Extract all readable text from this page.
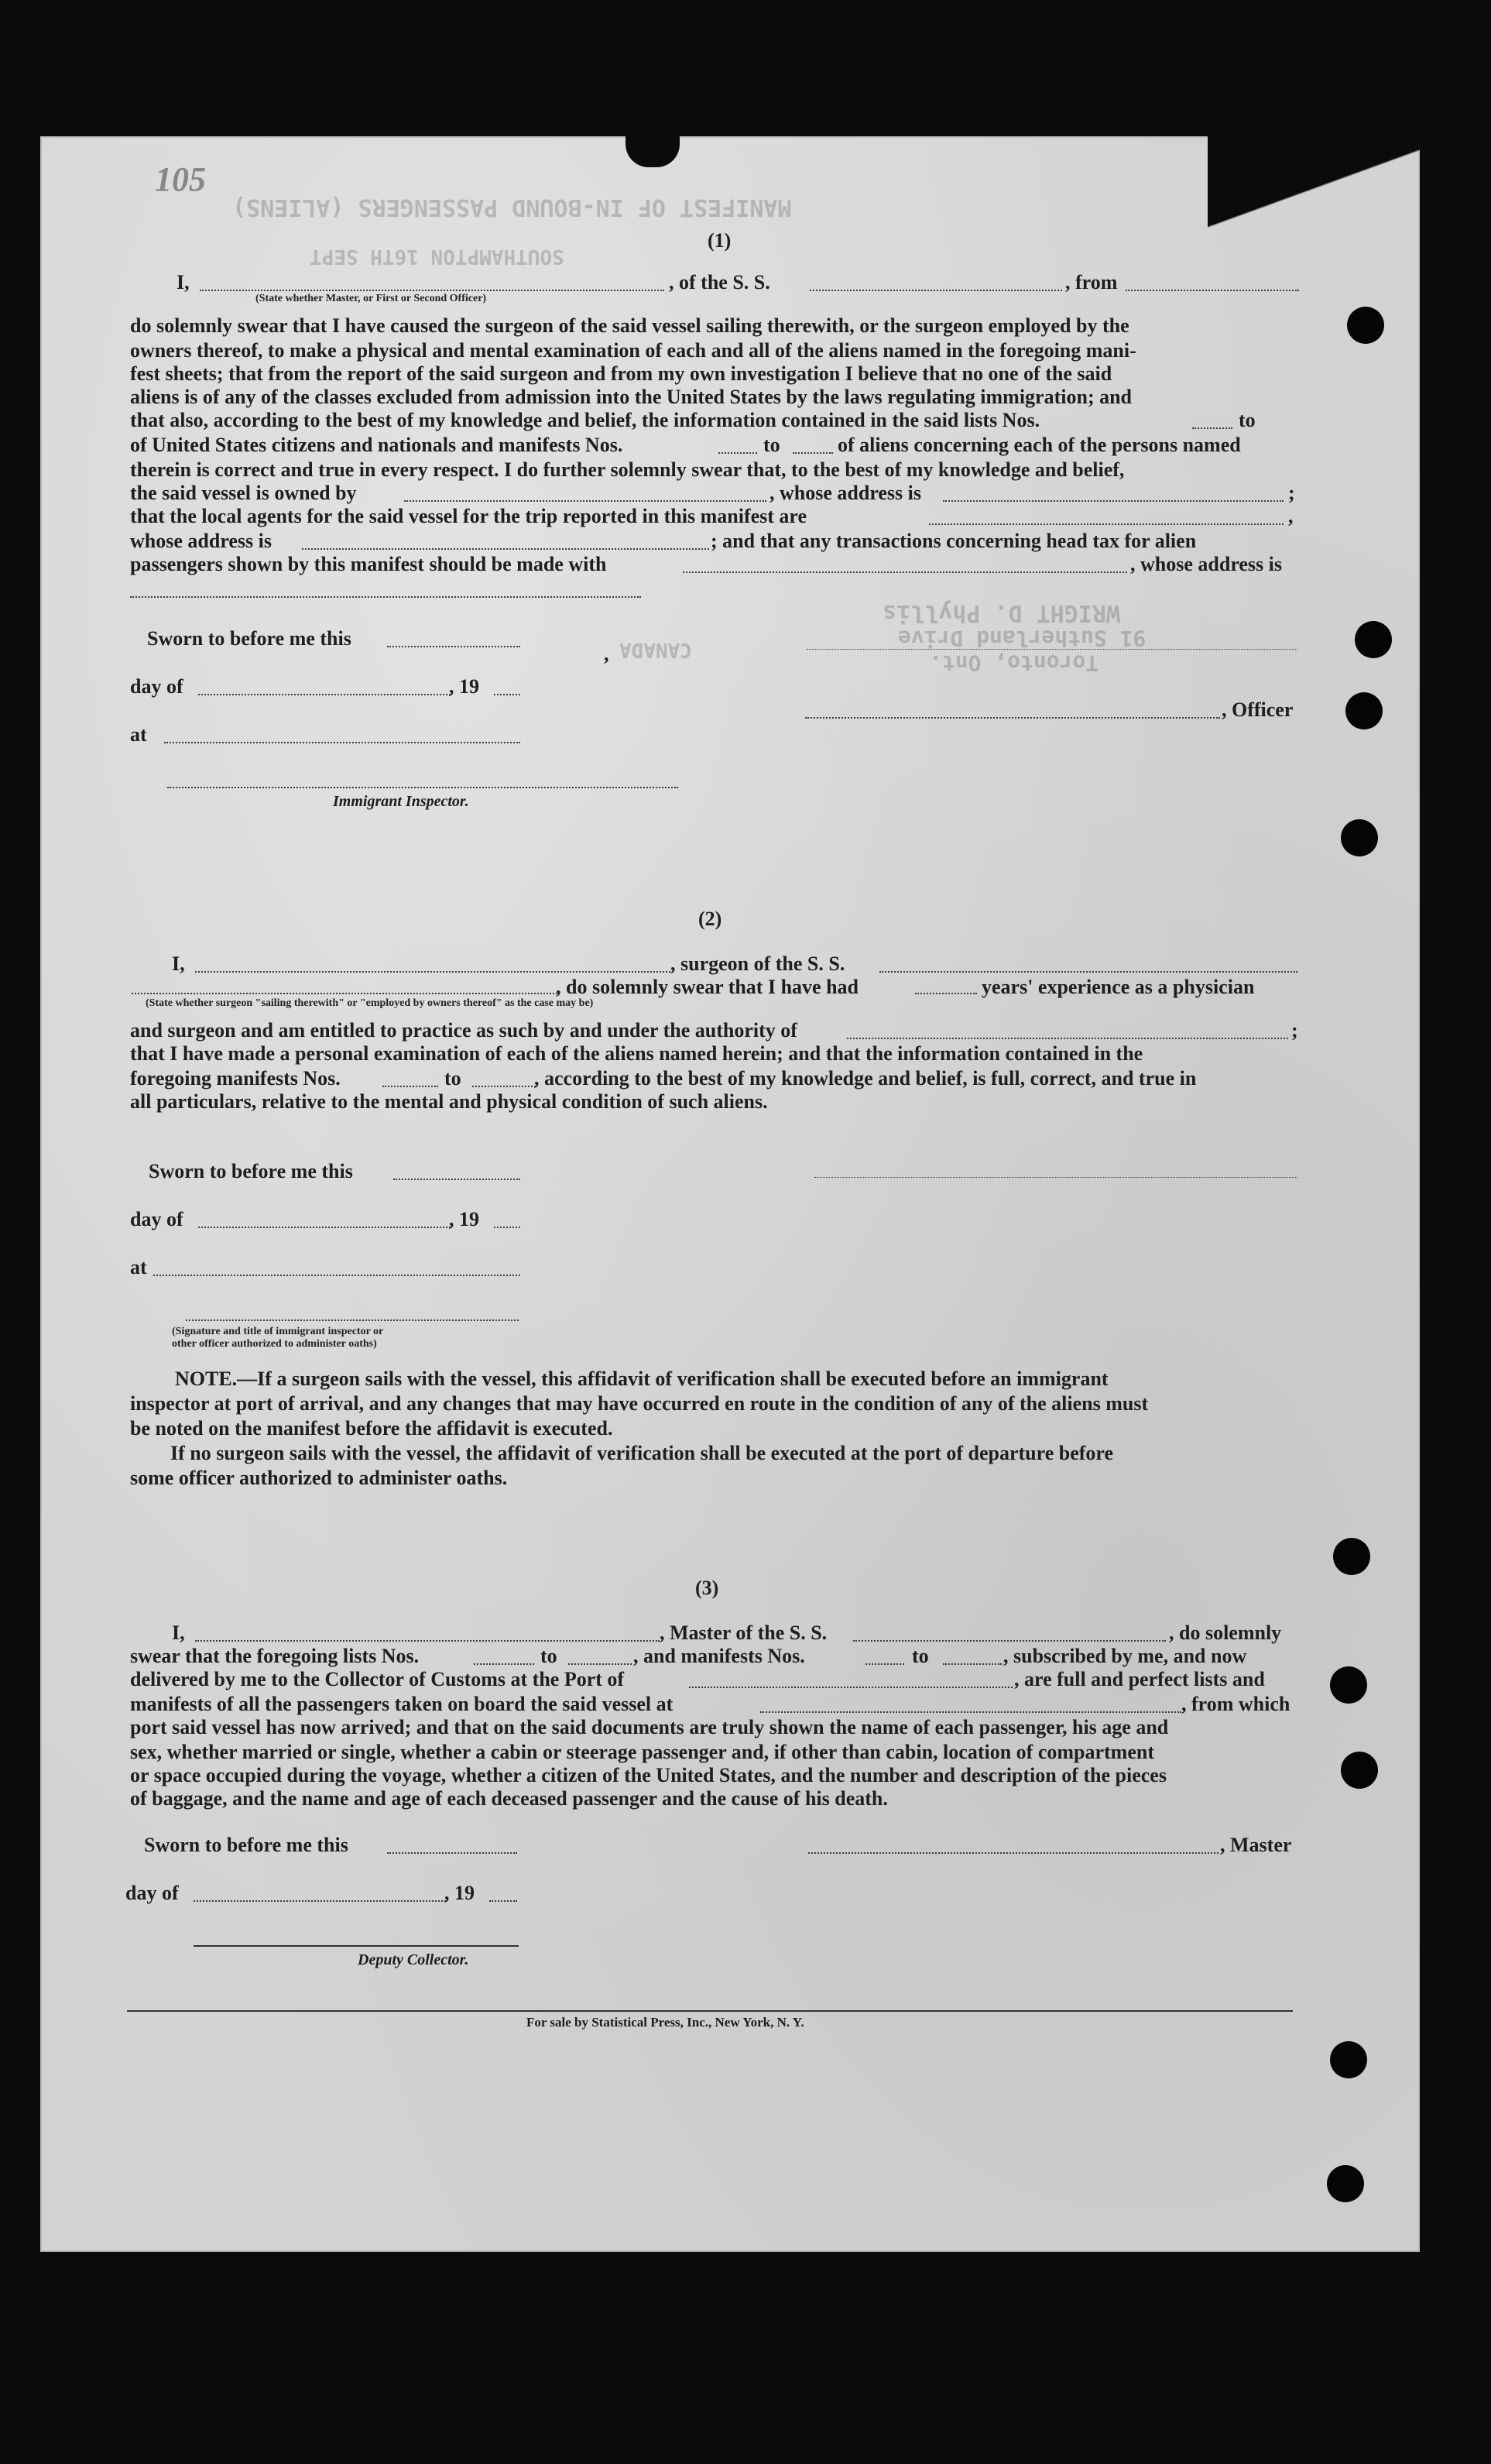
MANIFEST OF IN-BOUND PASSENGERS (ALIENS)
SOUTHAMPTON 16TH SEPT
WRIGHT D. Phyllis
91 Sutherland Drive
Toronto, Ont.
CANADA
105
(1)
I,
(State whether Master, or First or Second Officer)
, of the S. S.	, from
do solemnly swear that I have caused the surgeon of the said vessel sailing therewith, or the surgeon employed by the
owners thereof, to make a physical and mental examination of each and all of the aliens named in the foregoing mani-
fest sheets; that from the report of the said surgeon and from my own investigation I believe that no one of the said
aliens is of any of the classes excluded from admission into the United States by the laws regulating immigration; and
that also, according to the best of my knowledge and belief, the information contained in the said lists Nos.	to
of United States citizens and nationals and manifests Nos.	to	of aliens concerning each of the persons named
therein is correct and true in every respect. I do further solemnly swear that, to the best of my knowledge and belief,
the said vessel is owned by	, whose address is	;
that the local agents for the said vessel for the trip reported in this manifest are	,
whose address is	; and that any transactions concerning head tax for alien
passengers shown by this manifest should be made with	, whose address is
Sworn to before me this
,
day of	, 19
, Officer
at
Immigrant Inspector.
(2)
I,	, surgeon of the S. S.
, do solemnly swear that I have had	years' experience as a physician
(State whether surgeon "sailing therewith" or "employed by owners thereof" as the case may be)
and surgeon and am entitled to practice as such by and under the authority of	;
that I have made a personal examination of each of the aliens named herein; and that the information contained in the
foregoing manifests Nos.	to	, according to the best of my knowledge and belief, is full, correct, and true in
all particulars, relative to the mental and physical condition of such aliens.
Sworn to before me this
day of	, 19
at
(Signature and title of immigrant inspector or
other officer authorized to administer oaths)
NOTE.—If a surgeon sails with the vessel, this affidavit of verification shall be executed before an immigrant
inspector at port of arrival, and any changes that may have occurred en route in the condition of any of the aliens must
be noted on the manifest before the affidavit is executed.
If no surgeon sails with the vessel, the affidavit of verification shall be executed at the port of departure before
some officer authorized to administer oaths.
(3)
I,	, Master of the S. S.	, do solemnly
swear that the foregoing lists Nos.	to	, and manifests Nos.	to	, subscribed by me, and now
delivered by me to the Collector of Customs at the Port of	, are full and perfect lists and
manifests of all the passengers taken on board the said vessel at	, from which
port said vessel has now arrived; and that on the said documents are truly shown the name of each passenger, his age and
sex, whether married or single, whether a cabin or steerage passenger and, if other than cabin, location of compartment
or space occupied during the voyage, whether a citizen of the United States, and the number and description of the pieces
of baggage, and the name and age of each deceased passenger and the cause of his death.
Sworn to before me this	, Master
day of	, 19
Deputy Collector.
For sale by Statistical Press, Inc., New York, N. Y.
